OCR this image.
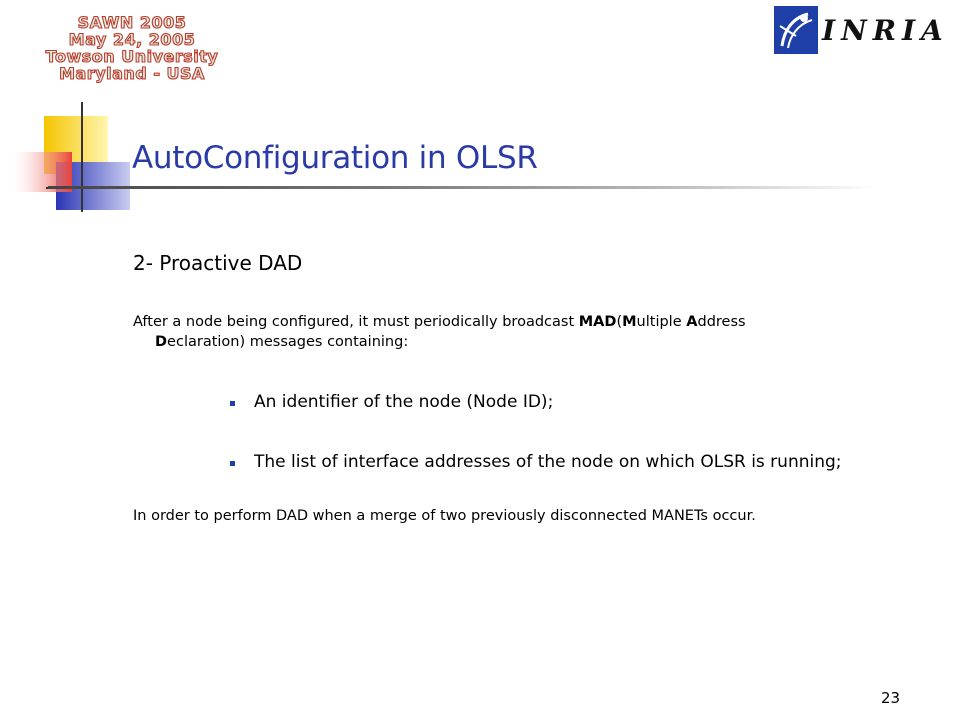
SAWN 2005
May 24, 2005
Towson University
Maryland - USA
INRIA
AutoConfiguration in OLSR
2- Proactive DAD
After a node being configured, it must periodically broadcast MAD(Multiple Address
Declaration) messages containing:
An identifier of the node (Node ID);
The list of interface addresses of the node on which OLSR is running;
In order to perform DAD when a merge of two previously disconnected MANETs occur.
23
